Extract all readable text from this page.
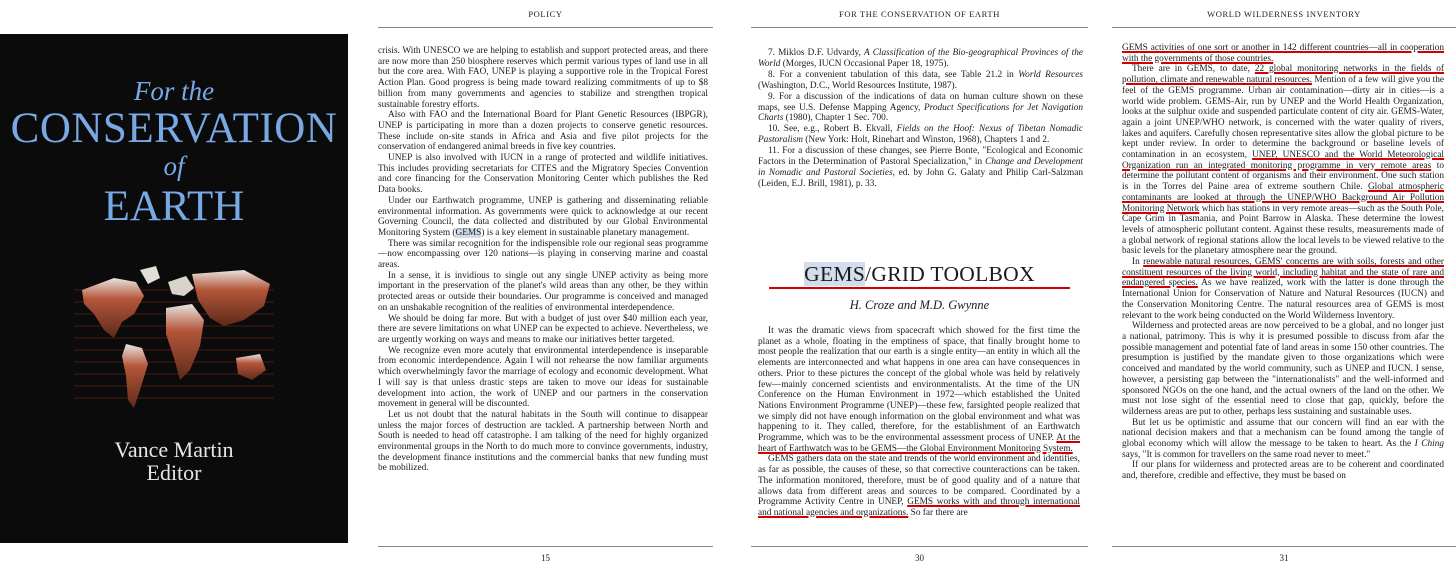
For the
CONSERVATION
of
EARTH
Vance Martin
Editor
POLICY

crisis. With UNESCO we are helping to establish and support protected areas, and there are now more than 250 biosphere reserves which permit various types of land use in all but the core area. With FAO, UNEP is playing a supportive role in the Tropical Forest Action Plan. Good progress is being made toward realizing commitments of up to $8 billion from many governments and agencies to stabilize and strengthen tropical sustainable forestry efforts.

Also with FAO and the International Board for Plant Genetic Resources (IBPGR), UNEP is participating in more than a dozen projects to conserve genetic resources. These include on-site stands in Africa and Asia and five pilot projects for the conservation of endangered animal breeds in five key countries.

UNEP is also involved with IUCN in a range of protected and wildlife initiatives. This includes providing secretariats for CITES and the Migratory Species Convention and core financing for the Conservation Monitoring Center which publishes the Red Data books.

Under our Earthwatch programme, UNEP is gathering and disseminating reliable environmental information. As governments were quick to acknowledge at our recent Governing Council, the data collected and distributed by our Global Environmental Monitoring System (GEMS) is a key element in sustainable planetary management.

There was similar recognition for the indispensible role our regional seas programme—now encompassing over 120 nations—is playing in conserving marine and coastal areas.

In a sense, it is invidious to single out any single UNEP activity as being more important in the preservation of the planet's wild areas than any other, be they within protected areas or outside their boundaries. Our programme is conceived and managed on an unshakable recognition of the realities of environmental interdependence.

We should be doing far more. But with a budget of just over $40 million each year, there are severe limitations on what UNEP can be expected to achieve. Nevertheless, we are urgently working on ways and means to make our initiatives better targeted.

We recognize even more acutely that environmental interdependence is inseparable from economic interdependence. Again I will not rehearse the now familiar arguments which overwhelmingly favor the marriage of ecology and economic development. What I will say is that unless drastic steps are taken to move our ideas for sustainable development into action, the work of UNEP and our partners in the conservation movement in general will be discounted.

Let us not doubt that the natural habitats in the South will continue to disappear unless the major forces of destruction are tackled. A partnership between North and South is needed to head off catastrophe. I am talking of the need for highly organized environmental groups in the North to do much more to convince governments, industry, the development finance institutions and the commercial banks that new funding must be mobilized.

15
FOR THE CONSERVATION OF EARTH

7. Miklos D.F. Udvardy, A Classification of the Bio-geographical Provinces of the World (Morges, IUCN Occasional Paper 18, 1975).

8. For a convenient tabulation of this data, see Table 21.2 in World Resources (Washington, D.C., World Resources Institute, 1987).

9. For a discussion of the indications of data on human culture shown on these maps, see U.S. Defense Mapping Agency, Product Specifications for Jet Navigation Charts (1980), Chapter 1 Sec. 700.

10. See, e.g., Robert B. Ekvall, Fields on the Hoof: Nexus of Tibetan Nomadic Pastoralism (New York: Holt, Rinehart and Winston, 1968), Chapters 1 and 2.

11. For a discussion of these changes, see Pierre Bonte, "Ecological and Economic Factors in the Determination of Pastoral Specialization," in Change and Development in Nomadic and Pastoral Societies, ed. by John G. Galaty and Philip Carl-Salzman (Leiden, E.J. Brill, 1981), p. 33.

GEMS/GRID TOOLBOX
H. Croze and M.D. Gwynne

It was the dramatic views from spacecraft which showed for the first time the planet as a whole, floating in the emptiness of space, that finally brought home to most people the realization that our earth is a single entity—an entity in which all the elements are interconnected and what happens in one area can have consequences in others. Prior to these pictures the concept of the global whole was held by relatively few—mainly concerned scientists and environmentalists. At the time of the UN Conference on the Human Environment in 1972—which established the United Nations Environment Programme (UNEP)—these few, farsighted people realized that we simply did not have enough information on the global environment and what was happening to it. They called, therefore, for the establishment of an Earthwatch Programme, which was to be the environmental assessment process of UNEP. At the heart of Earthwatch was to be GEMS—the Global Environment Monitoring System.

GEMS gathers data on the state and trends of the world environment and identifies, as far as possible, the causes of these, so that corrective counteractions can be taken. The information monitored, therefore, must be of good quality and of a nature that allows data from different areas and sources to be compared. Coordinated by a Programme Activity Centre in UNEP, GEMS works with and through international and national agencies and organizations. So far there are

30
WORLD WILDERNESS INVENTORY

GEMS activities of one sort or another in 142 different countries—all in cooperation with the governments of those countries.

There are in GEMS, to date, 22 global monitoring networks in the fields of pollution, climate and renewable natural resources. Mention of a few will give you the feel of the GEMS programme. Urban air contamination—dirty air in cities—is a world wide problem. GEMS-Air, run by UNEP and the World Health Organization, looks at the sulphur oxide and suspended particulate content of city air. GEMS-Water, again a joint UNEP/WHO network, is concerned with the water quality of rivers, lakes and aquifers. Carefully chosen representative sites allow the global picture to be kept under review. In order to determine the background or baseline levels of contamination in an ecosystem, UNEP, UNESCO and the World Meteorological Organization run an integrated monitoring programme in very remote areas to determine the pollutant content of organisms and their environment. One such station is in the Torres del Paine area of extreme southern Chile. Global atmospheric contaminants are looked at through the UNEP/WHO Background Air Pollution Monitoring Network which has stations in very remote areas—such as the South Pole, Cape Grim in Tasmania, and Point Barrow in Alaska. These determine the lowest levels of atmospheric pollutant content. Against these results, measurements made of a global network of regional stations allow the local levels to be viewed relative to the basic levels for the planetary atmosphere near the ground.

In renewable natural resources, GEMS' concerns are with soils, forests and other constituent resources of the living world, including habitat and the state of rare and endangered species. As we have realized, work with the latter is done through the International Union for Conservation of Nature and Natural Resources (IUCN) and the Conservation Monitoring Centre. The natural resources area of GEMS is most relevant to the work being conducted on the World Wilderness Inventory.

Wilderness and protected areas are now perceived to be a global, and no longer just a national, patrimony. This is why it is presumed possible to discuss from afar the possible management and potential fate of land areas in some 150 other countries. The presumption is justified by the mandate given to those organizations which were conceived and mandated by the world community, such as UNEP and IUCN. I sense, however, a persisting gap between the "internationalists" and the well-informed and sponsored NGOs on the one hand, and the actual owners of the land on the other. We must not lose sight of the essential need to close that gap, quickly, before the wilderness areas are put to other, perhaps less sustaining and sustainable uses.

But let us be optimistic and assume that our concern will find an ear with the national decision makers and that a mechanism can be found among the tangle of global economy which will allow the message to be taken to heart. As the I Ching says, "It is common for travellers on the same road never to meet."

If our plans for wilderness and protected areas are to be coherent and coordinated and, therefore, credible and effective, they must be based on

31
